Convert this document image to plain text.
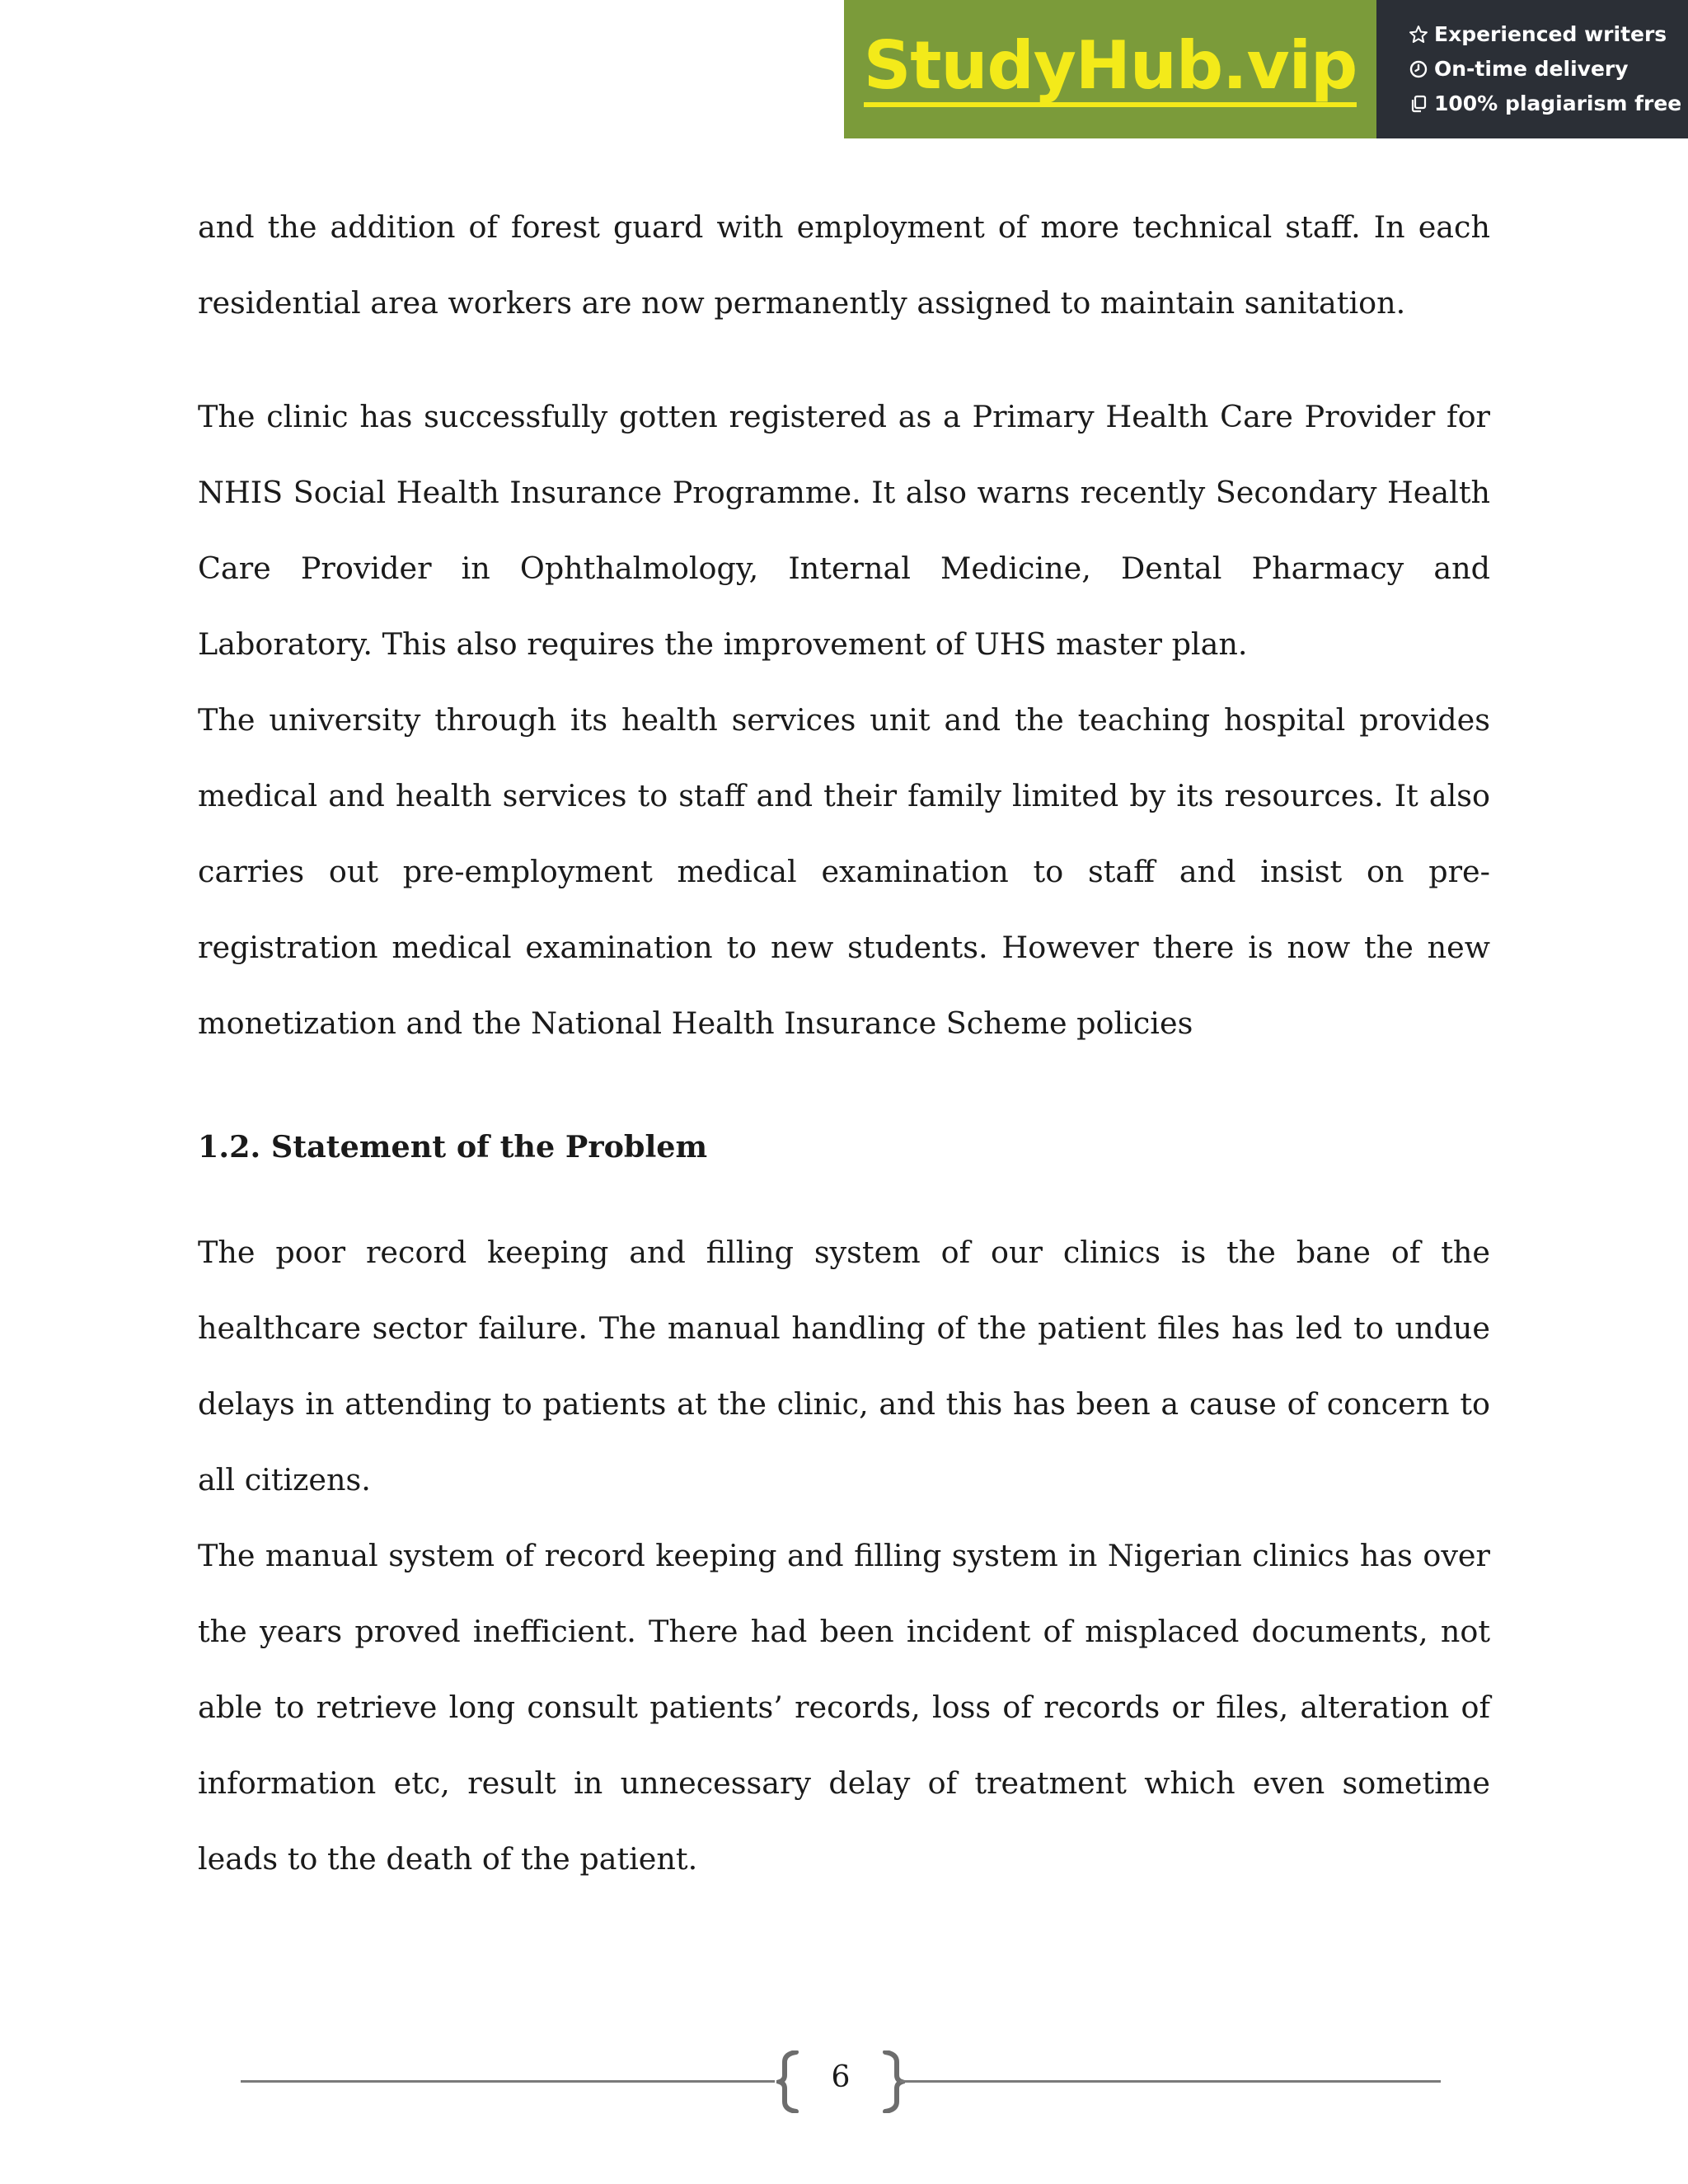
StudyHub.vip	Experienced writers
On-time delivery
100% plagiarism free

and the addition of forest guard with employment of more technical staff. In each residential area workers are now permanently assigned to maintain sanitation.

The clinic has successfully gotten registered as a Primary Health Care Provider for NHIS Social Health Insurance Programme. It also warns recently Secondary Health Care Provider in Ophthalmology, Internal Medicine, Dental Pharmacy and Laboratory. This also requires the improvement of UHS master plan.

The university through its health services unit and the teaching hospital provides medical and health services to staff and their family limited by its resources. It also carries out pre-employment medical examination to staff and insist on pre-registration medical examination to new students. However there is now the new monetization and the National Health Insurance Scheme policies

1.2. Statement of the Problem

The poor record keeping and filling system of our clinics is the bane of the healthcare sector failure. The manual handling of the patient files has led to undue delays in attending to patients at the clinic, and this has been a cause of concern to all citizens.

The manual system of record keeping and filling system in Nigerian clinics has over the years proved inefficient. There had been incident of misplaced documents, not able to retrieve long consult patients’ records, loss of records or files, alteration of information etc, result in unnecessary delay of treatment which even sometime leads to the death of the patient.

6
